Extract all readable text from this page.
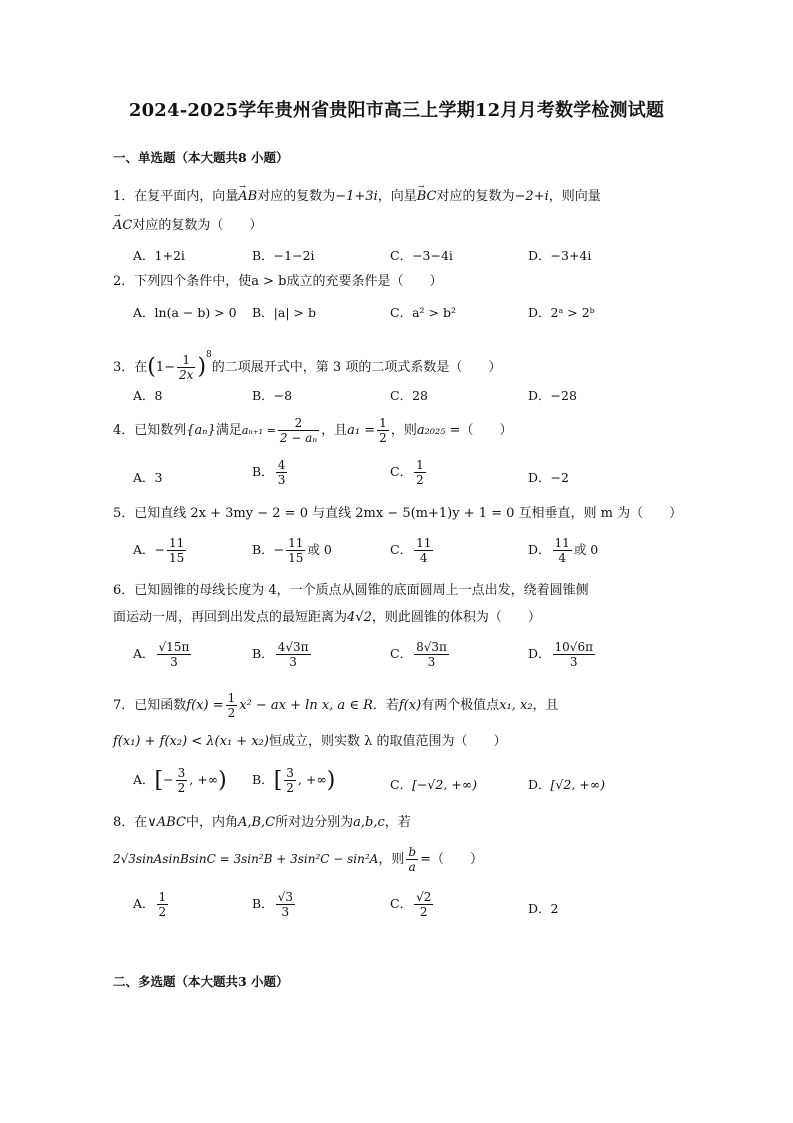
2024-2025学年贵州省贵阳市高三上学期12月月考数学检测试题
一、单选题（本大题共8 小题）
1．在复平面内，向量→ AB对应的复数为−1+3i，向星→ BC对应的复数为−2+i，则向量
→ AC对应的复数为（　　）
A．1+2i	B．−1−2i	C．−3−4i	D．−3+4i
2．下列四个条件中，使a > b成立的充要条件是（　　）
A．ln(a − b) > 0 B．|a| > b	C．a² > b²	D．2ᵃ > 2ᵇ
3．在$(1- \frac{1}{2x} )^8$的二项展开式中，第 3 项的二项式系数是（　　）
A．8	B．−8	C．28	D．−28
4．已知数列{aₙ}满足$a_{n+1} = \frac{2}{\text{2 − aₙ}}$ ，且$a_1 = \frac{1}{2}$ ，则a₂₀₂₅ =（　　）
A．3	B． $\frac{4}{3}$	C． $\frac{1}{2}$	D．−2
5．已知直线 2x + 3my − 2 = 0 与直线 2mx − 5(m+1)y + 1 = 0 互相垂直，则 m 为（　　）
A．− $\frac{11}{15}$	B．− $\frac{11}{15}$ 或 0	C． $\frac{11}{4}$	D． $\frac{11}{4}$ 或 0
6．已知圆锥的母线长度为 4，一个质点从圆锥的底面圆周上一点出发，绕着圆锥侧
面运动一周，再回到出发点的最短距离为4√2，则此圆锥的体积为（　　）
A． $\frac{√15\pi}{3}$	B． $\frac{4√3\pi}{3}$	C． $\frac{8√3\pi}{3}$	D． $\frac{10√6\pi}{3}$
7．已知函数$f(x) = \frac{1}{2} x^2$ − ax + ln x, a ∈ R．若f(x)有两个极值点x₁, x₂，且
f(x₁) + f(x₂) < λ(x₁ + x₂)恒成立，则实数 λ 的取值范围为（　　）
A．[− $\frac{3}{2}$ , +∞) B．[ $\frac{3}{2}$ , +∞)	C．[−√2, +∞)	D．[√2, +∞)
8．在∨ABC中，内角A,B,C所对边分别为a,b,c，若
2√3sinAsinBsinC = 3sin²B + 3sin²C − sin²A，则 $\frac{b}{a}$ =（　　）
A． $\frac{1}{2}$	B． $\frac{√3}{3}$	C． $\frac{√2}{2}$	D．2
二、多选题（本大题共3 小题）
